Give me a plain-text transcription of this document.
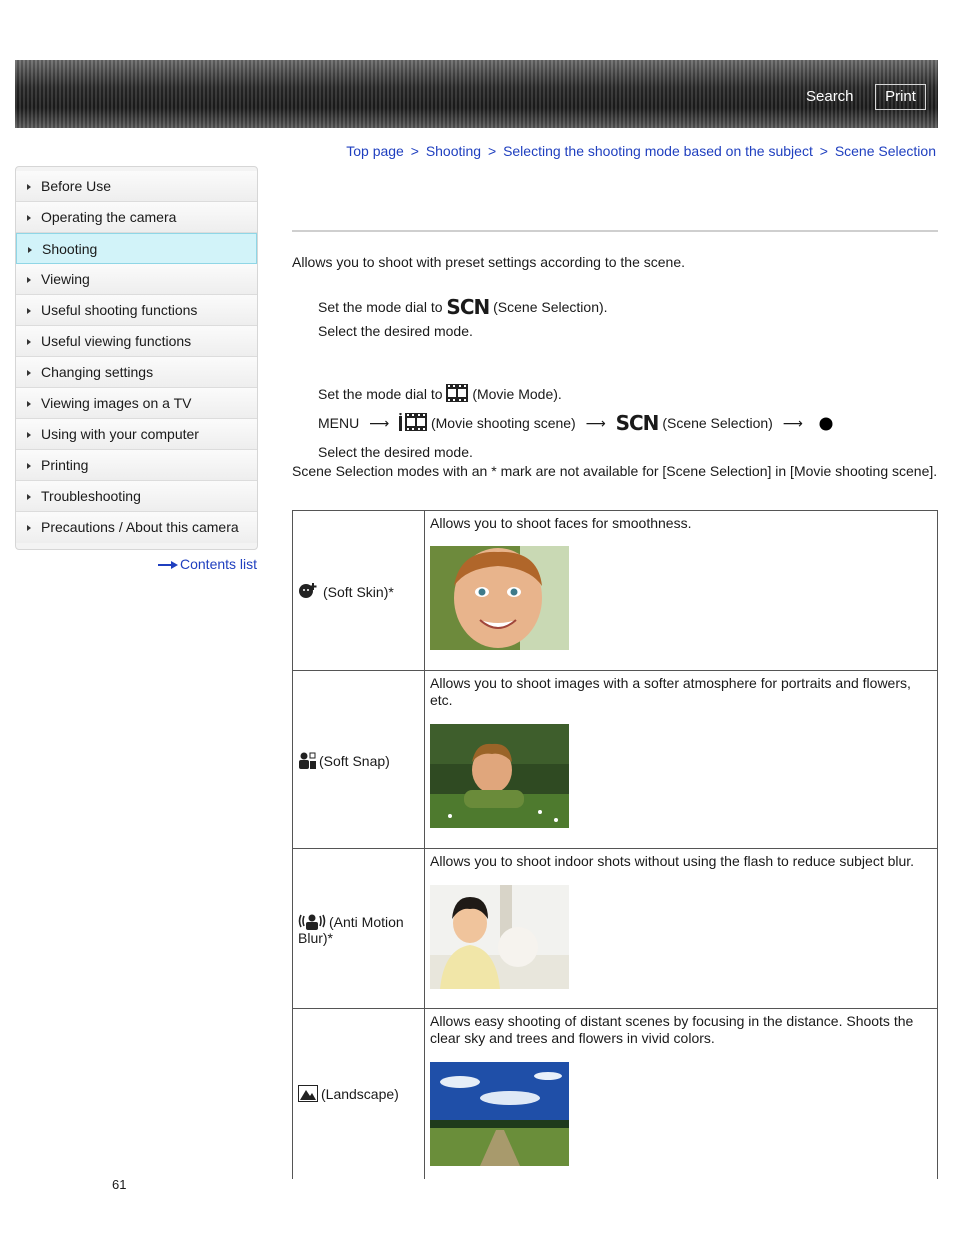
Search	Print
Top page > Shooting > Selecting the shooting mode based on the subject > Scene Selection
Before Use
Operating the camera
Shooting
Viewing
Useful shooting functions
Useful viewing functions
Changing settings
Viewing images on a TV
Using with your computer
Printing
Troubleshooting
Precautions / About this camera
Contents list
Allows you to shoot with preset settings according to the scene.
Set the mode dial to SCN (Scene Selection).
Select the desired mode.
Set the mode dial to (Movie Mode).
MENU ⟶	(Movie shooting scene) ⟶ SCN (Scene Selection) ⟶
Select the desired mode.
Scene Selection modes with an * mark are not available for [Scene Selection] in [Movie shooting scene].
(Soft Skin)*	Allows you to shoot faces for smoothness.

(Soft Snap)	Allows you to shoot images with a softer atmosphere for portraits and flowers, etc.

(Anti Motion Blur)*	Allows you to shoot indoor shots without using the flash to reduce subject blur.

(Landscape)	Allows easy shooting of distant scenes by focusing in the distance. Shoots the clear sky and trees and flowers in vivid colors.
61
